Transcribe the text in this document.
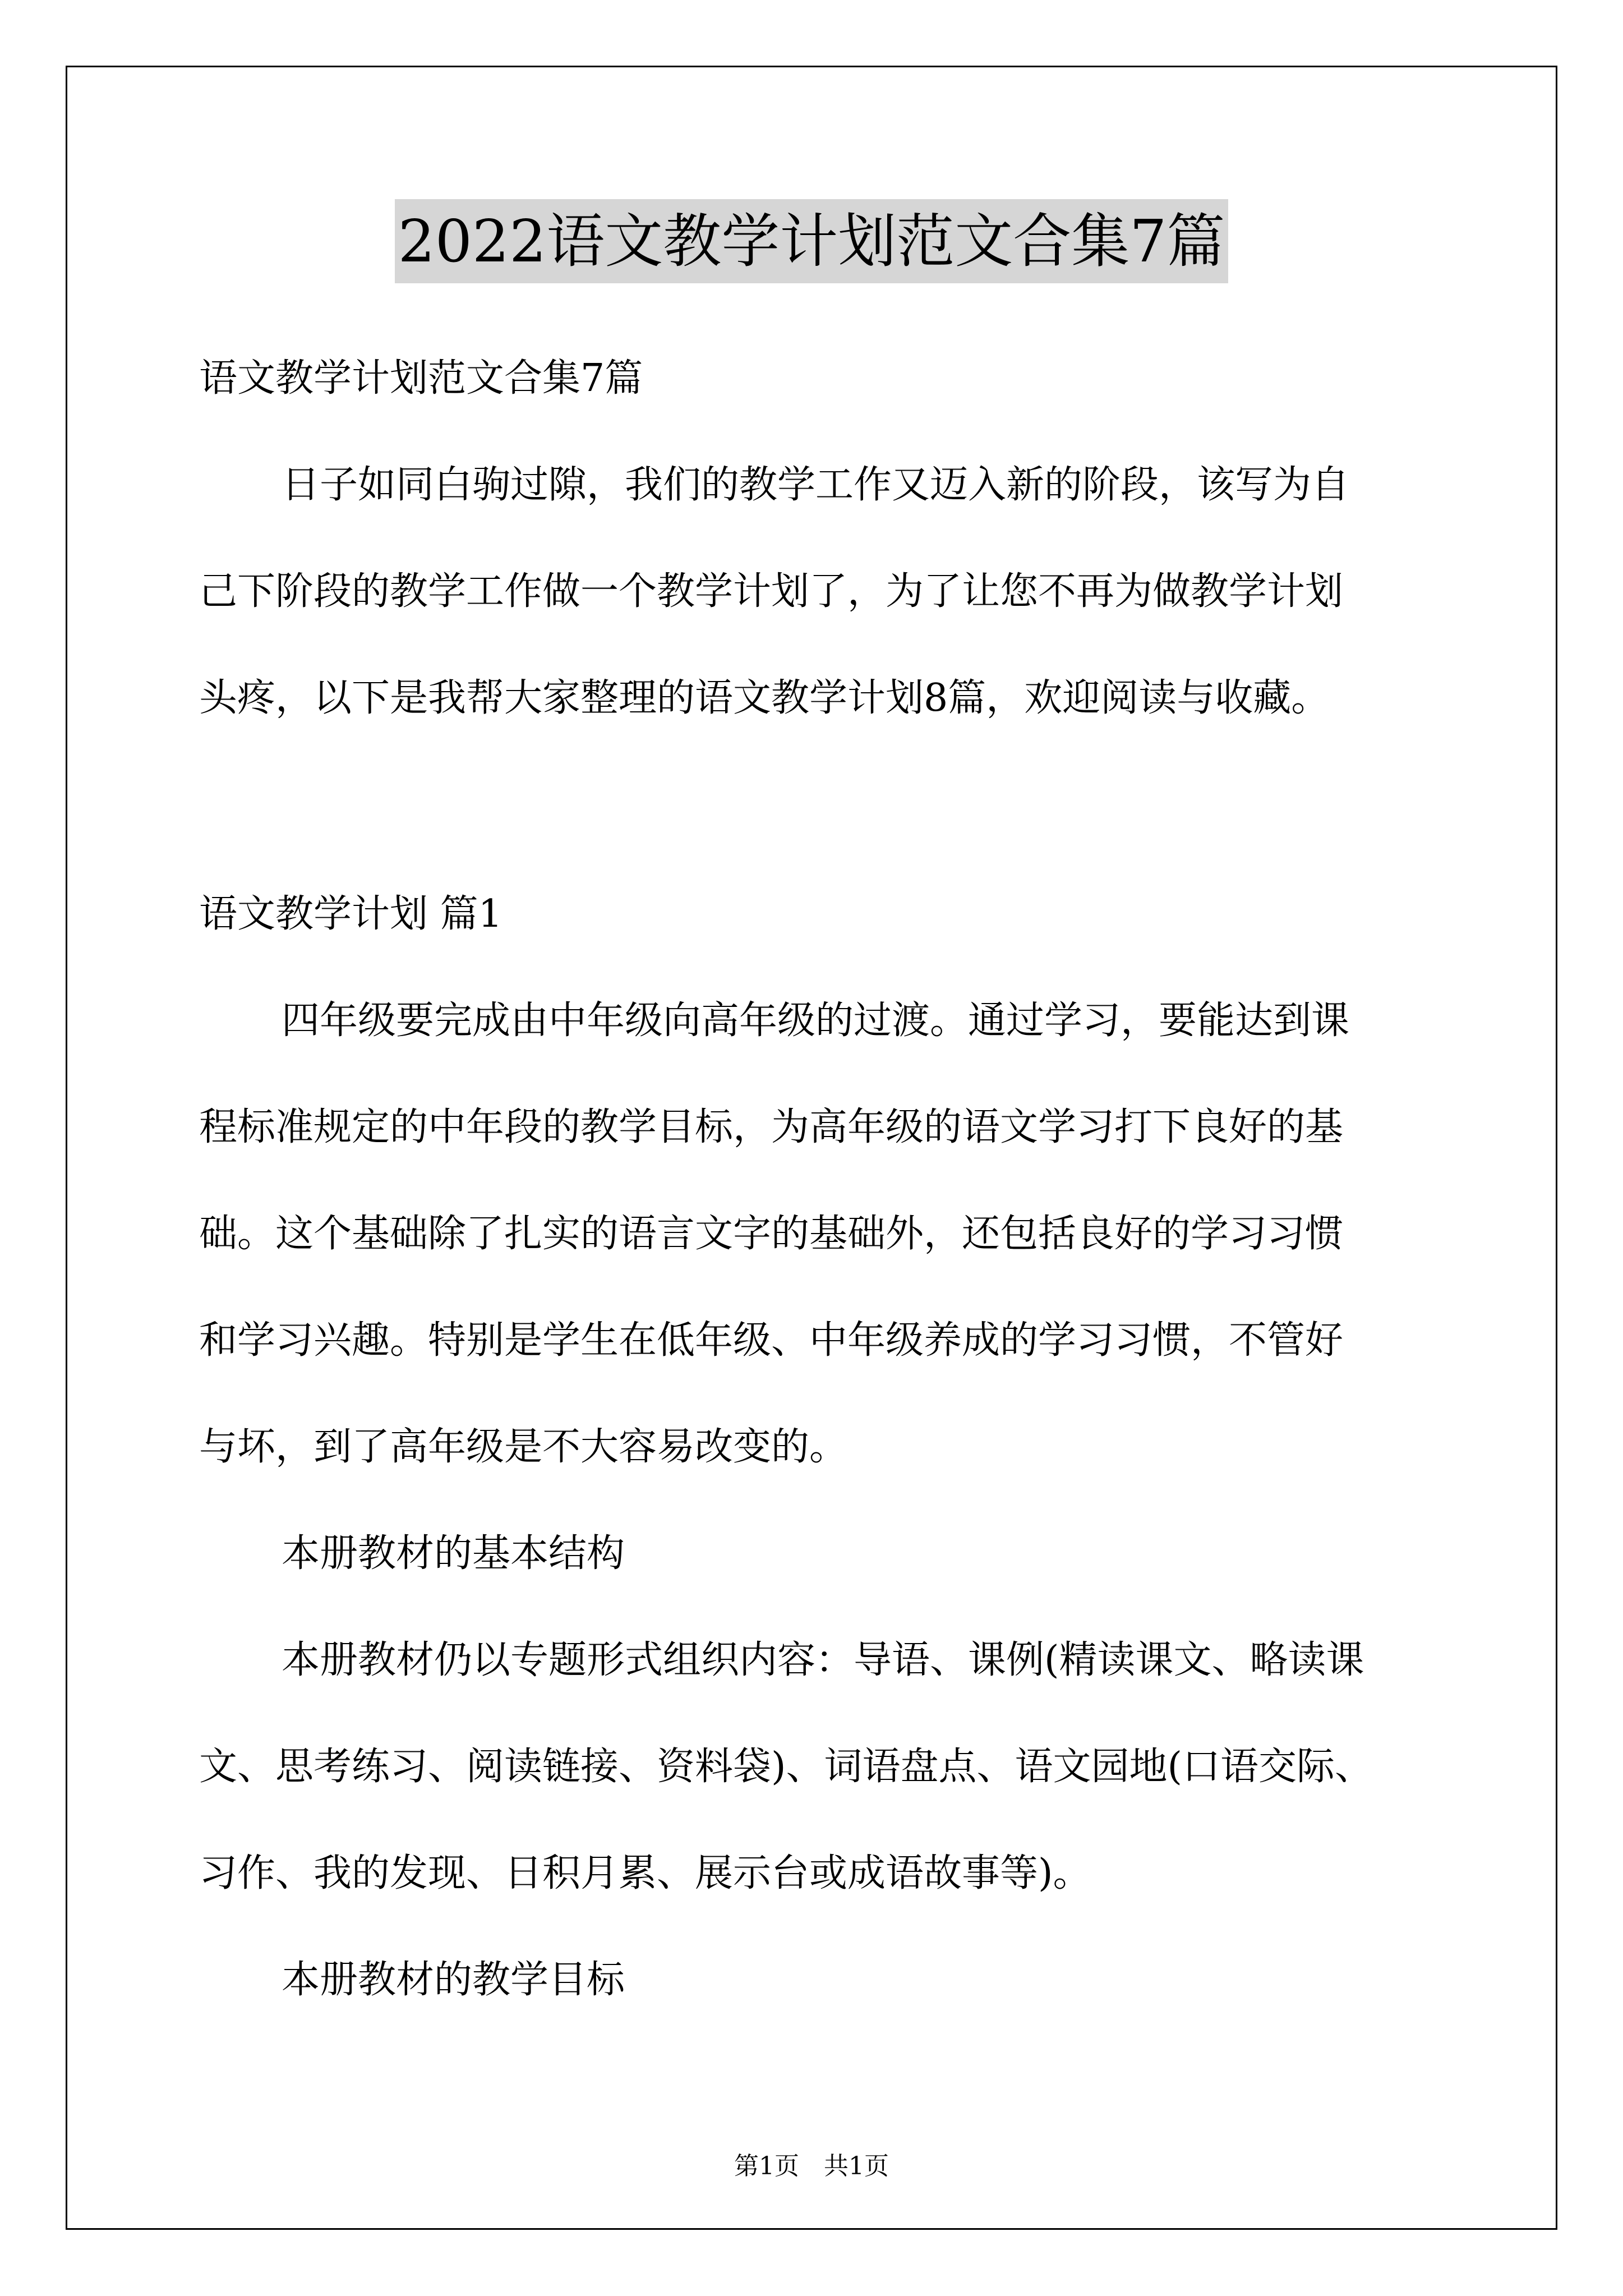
2022语文教学计划范文合集7篇
语文教学计划范文合集7篇
日子如同白驹过隙，我们的教学工作又迈入新的阶段，该写为自
己下阶段的教学工作做一个教学计划了，为了让您不再为做教学计划
头疼，以下是我帮大家整理的语文教学计划8篇，欢迎阅读与收藏。
语文教学计划 篇1
四年级要完成由中年级向高年级的过渡。通过学习，要能达到课
程标准规定的中年段的教学目标，为高年级的语文学习打下良好的基
础。这个基础除了扎实的语言文字的基础外，还包括良好的学习习惯
和学习兴趣。特别是学生在低年级、中年级养成的学习习惯，不管好
与坏，到了高年级是不大容易改变的。
本册教材的基本结构
本册教材仍以专题形式组织内容：导语、课例(精读课文、略读课
文、思考练习、阅读链接、资料袋)、词语盘点、语文园地(口语交际、
习作、我的发现、日积月累、展示台或成语故事等)。
本册教材的教学目标
第1页　共1页
